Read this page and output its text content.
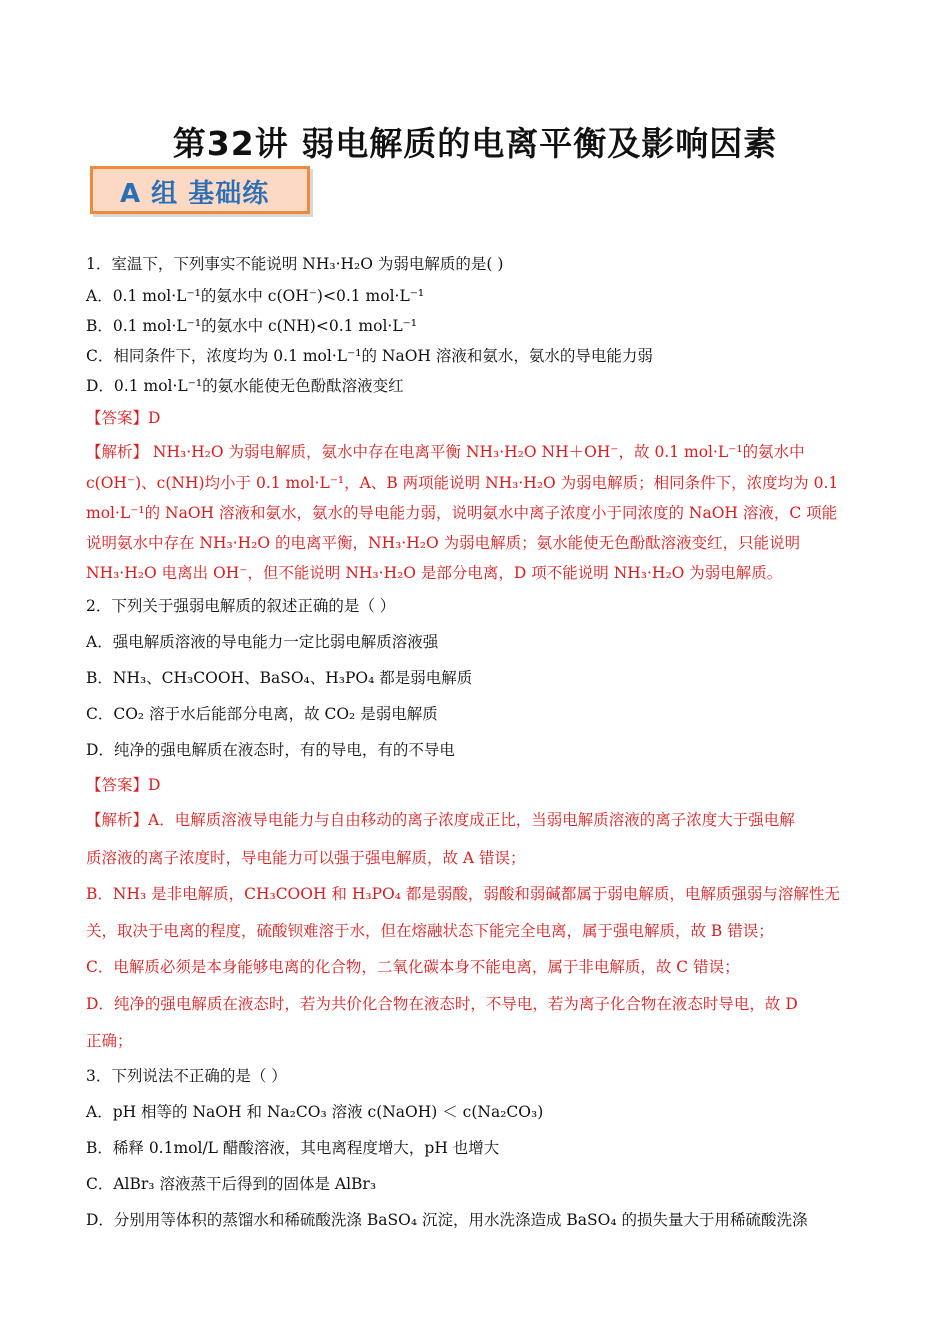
第32讲 弱电解质的电离平衡及影响因素
A 组 基础练
1．室温下，下列事实不能说明 NH₃·H₂O 为弱电解质的是( )
A．0.1 mol·L⁻¹的氨水中 c(OH⁻)<0.1 mol·L⁻¹
B．0.1 mol·L⁻¹的氨水中 c(NH)<0.1 mol·L⁻¹
C．相同条件下，浓度均为 0.1 mol·L⁻¹的 NaOH 溶液和氨水，氨水的导电能力弱
D．0.1 mol·L⁻¹的氨水能使无色酚酞溶液变红
【答案】D
【解析】 NH₃·H₂O 为弱电解质，氨水中存在电离平衡 NH₃·H₂O NH＋OH⁻，故 0.1 mol·L⁻¹的氨水中
c(OH⁻)、c(NH)均小于 0.1 mol·L⁻¹，A、B 两项能说明 NH₃·H₂O 为弱电解质；相同条件下，浓度均为 0.1
mol·L⁻¹的 NaOH 溶液和氨水，氨水的导电能力弱，说明氨水中离子浓度小于同浓度的 NaOH 溶液，C 项能
说明氨水中存在 NH₃·H₂O 的电离平衡，NH₃·H₂O 为弱电解质；氨水能使无色酚酞溶液变红，只能说明
NH₃·H₂O 电离出 OH⁻，但不能说明 NH₃·H₂O 是部分电离，D 项不能说明 NH₃·H₂O 为弱电解质。
2．下列关于强弱电解质的叙述正确的是（ ）
A．强电解质溶液的导电能力一定比弱电解质溶液强
B．NH₃、CH₃COOH、BaSO₄、H₃PO₄ 都是弱电解质
C．CO₂ 溶于水后能部分电离，故 CO₂ 是弱电解质
D．纯净的强电解质在液态时，有的导电，有的不导电
【答案】D
【解析】A．电解质溶液导电能力与自由移动的离子浓度成正比，当弱电解质溶液的离子浓度大于强电解
质溶液的离子浓度时，导电能力可以强于强电解质，故 A 错误；
B．NH₃ 是非电解质，CH₃COOH 和 H₃PO₄ 都是弱酸，弱酸和弱碱都属于弱电解质，电解质强弱与溶解性无
关，取决于电离的程度，硫酸钡难溶于水，但在熔融状态下能完全电离，属于强电解质，故 B 错误；
C．电解质必须是本身能够电离的化合物，二氧化碳本身不能电离，属于非电解质，故 C 错误；
D．纯净的强电解质在液态时，若为共价化合物在液态时，不导电，若为离子化合物在液态时导电，故 D
正确；
3．下列说法不正确的是（ ）
A．pH 相等的 NaOH 和 Na₂CO₃ 溶液 c(NaOH) ＜ c(Na₂CO₃)
B．稀释 0.1mol/L 醋酸溶液，其电离程度增大，pH 也增大
C．AlBr₃ 溶液蒸干后得到的固体是 AlBr₃
D．分别用等体积的蒸馏水和稀硫酸洗涤 BaSO₄ 沉淀，用水洗涤造成 BaSO₄ 的损失量大于用稀硫酸洗涤
